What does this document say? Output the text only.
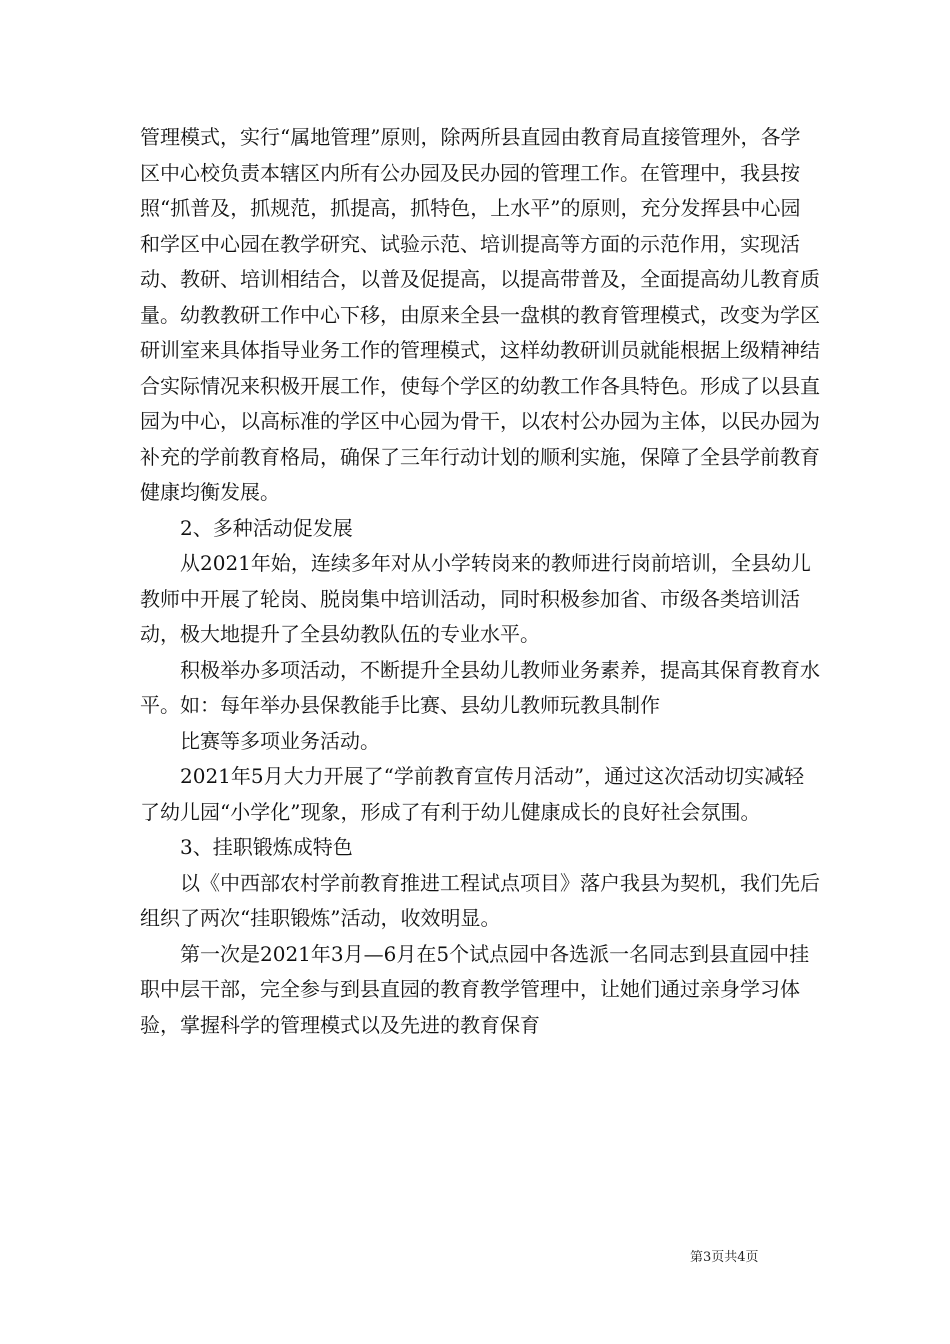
管理模式，实行“属地管理”原则，除两所县直园由教育局直接管理外，各学区中心校负责本辖区内所有公办园及民办园的管理工作。在管理中，我县按照“抓普及，抓规范，抓提高，抓特色，上水平”的原则，充分发挥县中心园和学区中心园在教学研究、试验示范、培训提高等方面的示范作用，实现活动、教研、培训相结合，以普及促提高，以提高带普及，全面提高幼儿教育质量。幼教教研工作中心下移，由原来全县一盘棋的教育管理模式，改变为学区研训室来具体指导业务工作的管理模式，这样幼教研训员就能根据上级精神结合实际情况来积极开展工作，使每个学区的幼教工作各具特色。形成了以县直园为中心，以高标准的学区中心园为骨干，以农村公办园为主体，以民办园为补充的学前教育格局，确保了三年行动计划的顺利实施，保障了全县学前教育健康均衡发展。

2、多种活动促发展

从2021年始，连续多年对从小学转岗来的教师进行岗前培训，全县幼儿教师中开展了轮岗、脱岗集中培训活动，同时积极参加省、市级各类培训活动，极大地提升了全县幼教队伍的专业水平。

积极举办多项活动，不断提升全县幼儿教师业务素养，提高其保育教育水平。如：每年举办县保教能手比赛、县幼儿教师玩教具制作

比赛等多项业务活动。

2021年5月大力开展了“学前教育宣传月活动”，通过这次活动切实减轻了幼儿园“小学化”现象，形成了有利于幼儿健康成长的良好社会氛围。

3、挂职锻炼成特色

以《中西部农村学前教育推进工程试点项目》落户我县为契机，我们先后组织了两次“挂职锻炼”活动，收效明显。

第一次是2021年3月—6月在5个试点园中各选派一名同志到县直园中挂职中层干部，完全参与到县直园的教育教学管理中，让她们通过亲身学习体验，掌握科学的管理模式以及先进的教育保育

第3页共4页
